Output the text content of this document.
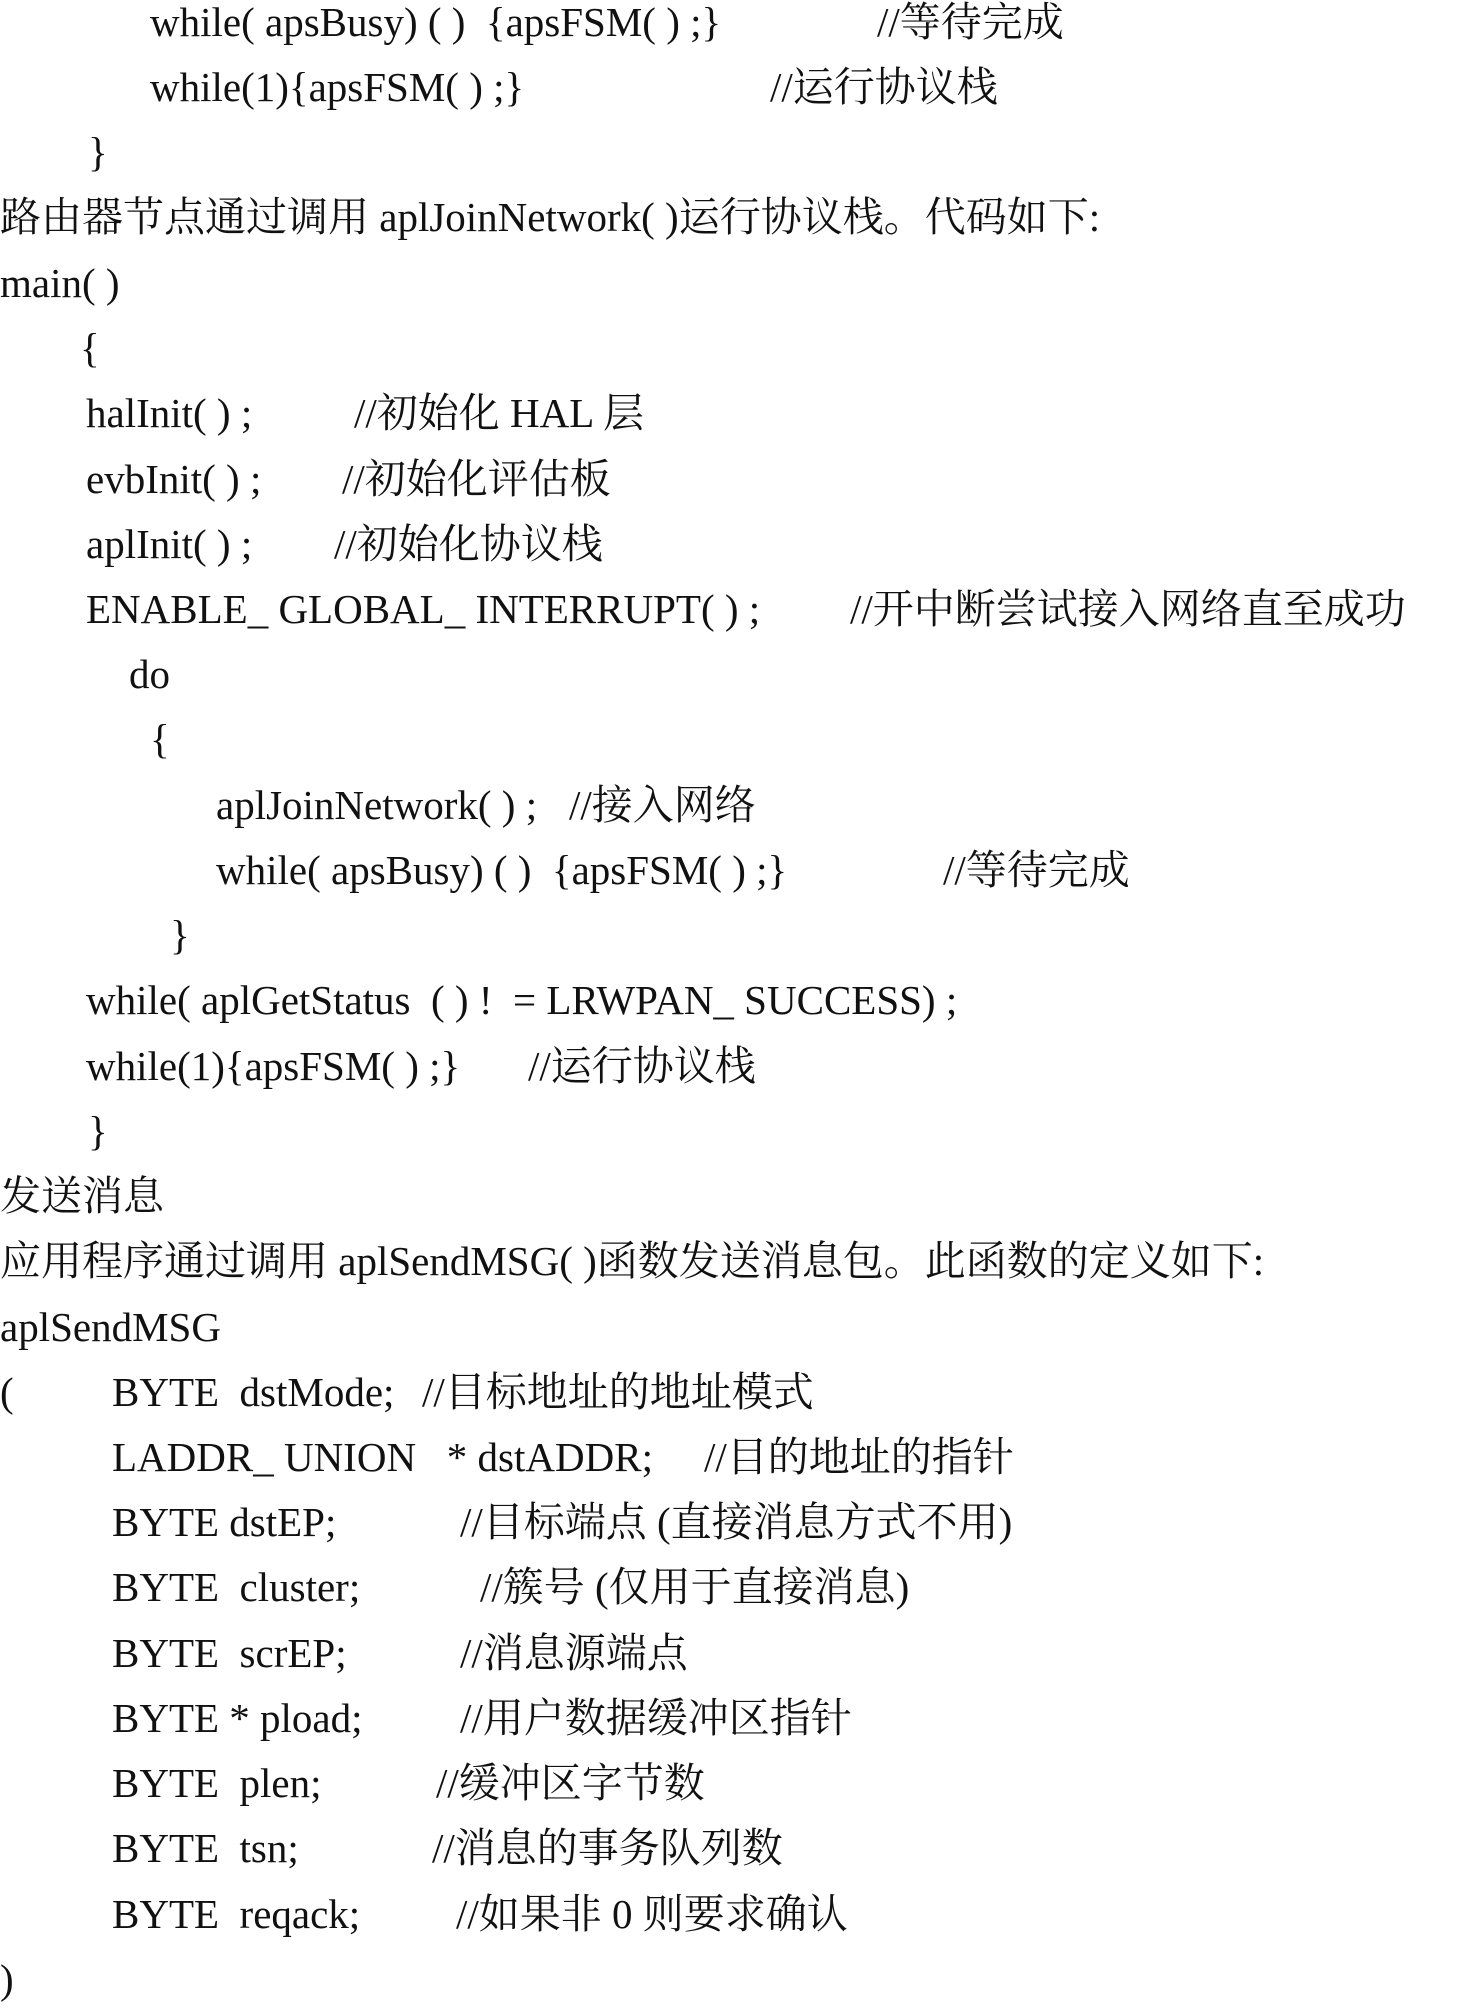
while( apsBusy) ( )  {apsFSM( ) ;}	//等待完成
while(1){apsFSM( ) ;}	//运行协议栈
}
路由器节点通过调用 aplJoinNetwork( )运行协议栈。代码如下:
main( )
{
halInit( ) ; //初始化 HAL 层
evbInit( ) ; //初始化评估板
aplInit( ) ; //初始化协议栈
ENABLE_ GLOBAL_ INTERRUPT( ) ; //开中断尝试接入网络直至成功
do
{
aplJoinNetwork( ) ; //接入网络
while( apsBusy) ( )  {apsFSM( ) ;}	//等待完成
}
while( aplGetStatus  ( ) !  = LRWPAN_ SUCCESS) ;
while(1){apsFSM( ) ;} //运行协议栈
}
发送消息
应用程序通过调用 aplSendMSG( )函数发送消息包。此函数的定义如下:
aplSendMSG
( BYTE  dstMode; //目标地址的地址模式
LADDR_ UNION   * dstADDR; //目的地址的指针
BYTE dstEP;	//目标端点 (直接消息方式不用)
BYTE  cluster;	//簇号 (仅用于直接消息)
BYTE  scrEP;	//消息源端点
BYTE * pload; //用户数据缓冲区指针
BYTE  plen;	//缓冲区字节数
BYTE  tsn;	//消息的事务队列数
BYTE  reqack; //如果非 0 则要求确认
)
